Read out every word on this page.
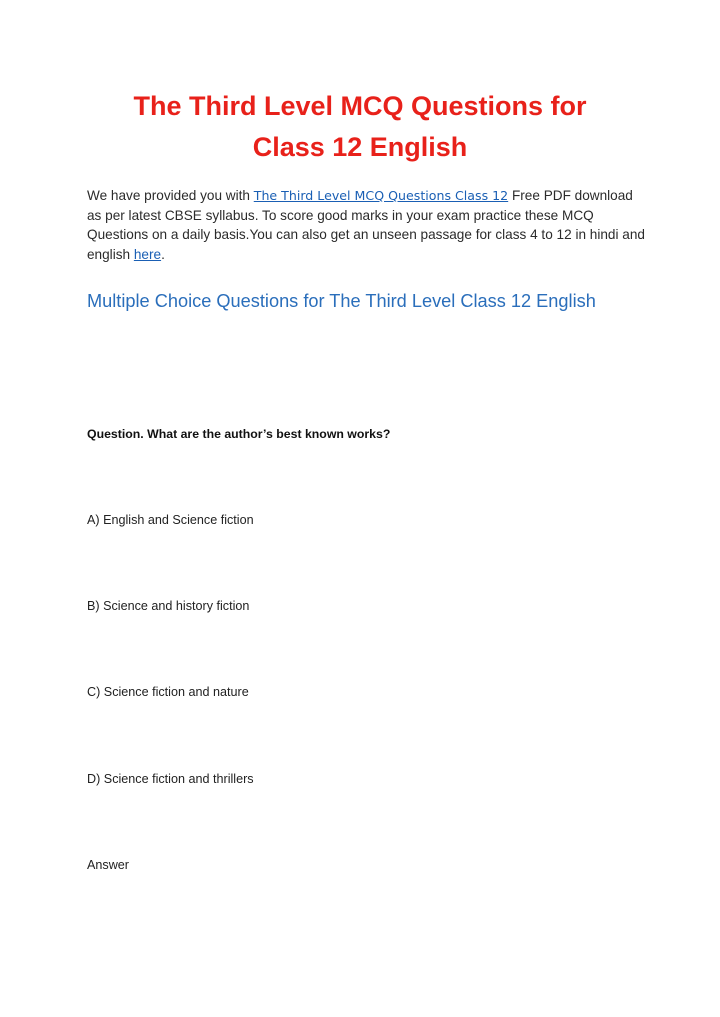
The Third Level MCQ Questions for
Class 12 English

We have provided you with The Third Level MCQ Questions Class 12 Free PDF download as per latest CBSE syllabus. To score good marks in your exam practice these MCQ Questions on a daily basis.You can also get an unseen passage for class 4 to 12 in hindi and english here.

Multiple Choice Questions for The Third Level Class 12 English

Question. What are the author’s best known works?

A) English and Science fiction

B) Science and history fiction

C) Science fiction and nature

D) Science fiction and thrillers

Answer
